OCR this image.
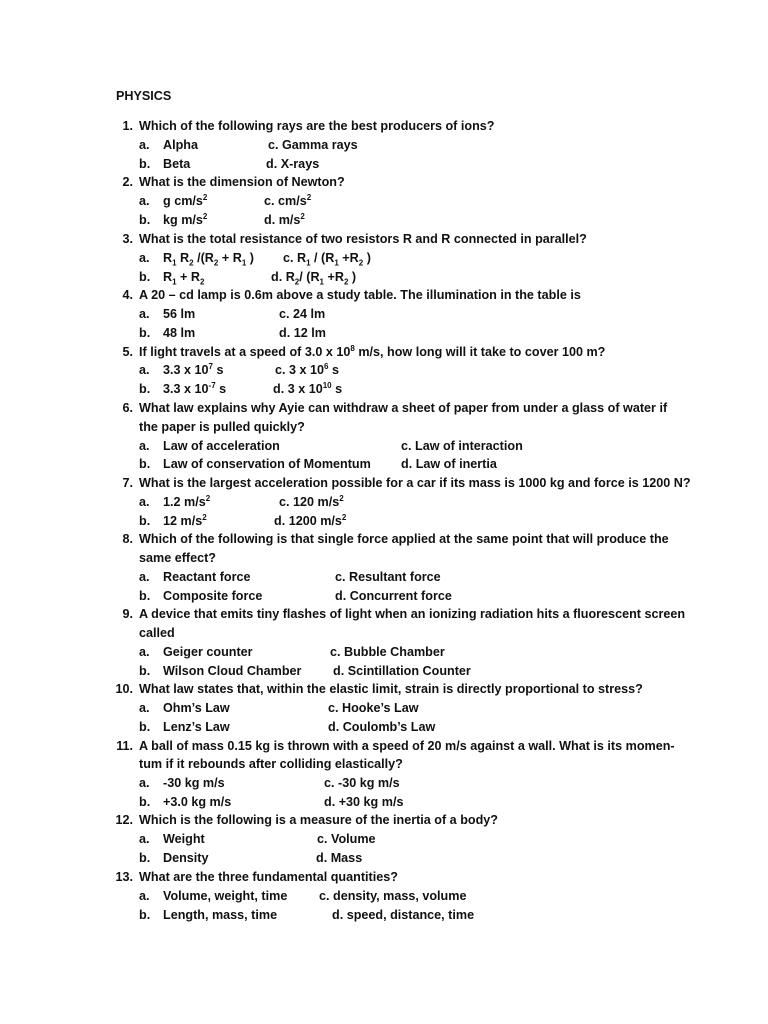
PHYSICS
1. Which of the following rays are the best producers of ions?
a. Alpha	c. Gamma rays
b. Beta	d. X-rays
2. What is the dimension of Newton?
a. g $cm/s^2$	c. $cm/s^2$
b. kg $m/s^2$	d. $m/s^2$
3. What is the total resistance of two resistors R and R connected in parallel?
a. $R_1$ $R_2$ $/(R_2 + R_1$ ) c. $R_1 / (R_1 +R_2$ )
b. $R_1 + R_2$	d. $R_2/$ ($R_1 +R_2$ )
4. A 20 – cd lamp is 0.6m above a study table. The illumination in the table is
a. 56 lm	c. 24 lm
b. 48 lm	d. 12 lm
5. If light travels at a speed of 3.0 x $10^8$ m/s, how long will it take to cover 100 m?
a. 3.3 x $10^7$ s	c. 3 x $10^6$ s
b. 3.3 x $10^{-7}$ s	d. 3 x $10^{10}$ s
6. What law explains why Ayie can withdraw a sheet of paper from under a glass of water if
the paper is pulled quickly?
a. Law of acceleration	c. Law of interaction
b. Law of conservation of Momentum d. Law of inertia
7. What is the largest acceleration possible for a car if its mass is 1000 kg and force is 1200 N?
a. 1.2 $m/s^2$	c. 120 $m/s^2$
b. 12 $m/s^2$	d. 1200 $m/s^2$
8. Which of the following is that single force applied at the same point that will produce the
same effect?
a. Reactant force	c. Resultant force
b. Composite force	d. Concurrent force
9. A device that emits tiny flashes of light when an ionizing radiation hits a fluorescent screen
called
a. Geiger counter	c. Bubble Chamber
b. Wilson Cloud Chamber	d. Scintillation Counter
10. What law states that, within the elastic limit, strain is directly proportional to stress?
a. Ohm’s Law	c. Hooke’s Law
b. Lenz’s Law	d. Coulomb’s Law
11. A ball of mass 0.15 kg is thrown with a speed of 20 m/s against a wall. What is its momen-
tum if it rebounds after colliding elastically?
a. -30 kg m/s	c. -30 kg m/s
b. +3.0 kg m/s	d. +30 kg m/s
12. Which is the following is a measure of the inertia of a body?
a. Weight	c. Volume
b. Density	d. Mass
13. What are the three fundamental quantities?
a. Volume, weight, time	c. density, mass, volume
b. Length, mass, time	d. speed, distance, time
